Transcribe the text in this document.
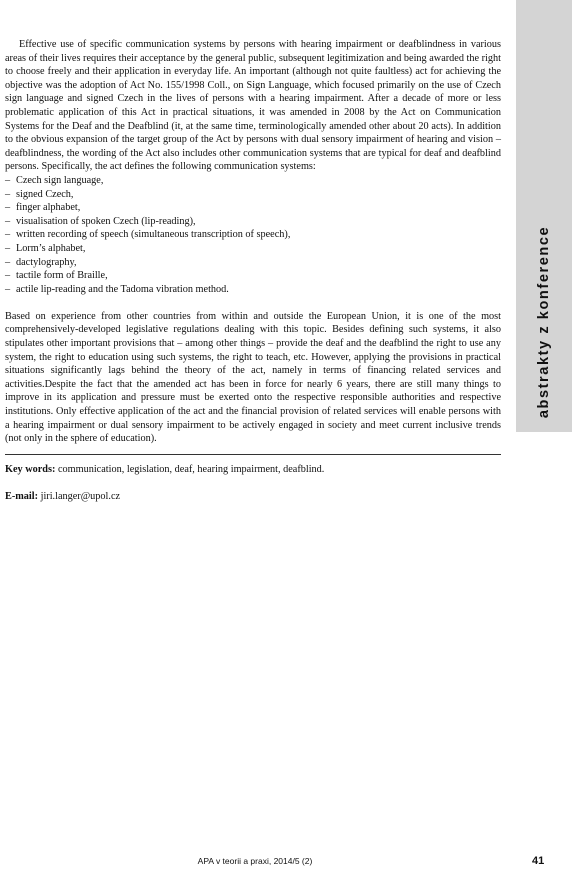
abstrakty z konference

Effective use of specific communication systems by persons with hearing impairment or deafblindness in various areas of their lives requires their acceptance by the general public, subsequent legitimization and being awarded the right to choose freely and their application in everyday life. An important (although not quite faultless) act for achieving the objective was the adoption of Act No. 155/1998 Coll., on Sign Language, which focused primarily on the use of Czech sign language and signed Czech in the lives of persons with a hearing impairment. After a decade of more or less problematic application of this Act in practical situations, it was amended in 2008 by the Act on Communication Systems for the Deaf and the Deafblind (it, at the same time, terminologically amended other about 20 acts). In addition to the obvious expansion of the target group of the Act by persons with dual sensory impairment of hearing and vision – deafblindness, the wording of the Act also includes other communication systems that are typical for deaf and deafblind persons. Specifically, the act defines the following communication systems:

– Czech sign language,
– signed Czech,
– finger alphabet,
– visualisation of spoken Czech (lip-reading),
– written recording of speech (simultaneous transcription of speech),
– Lorm’s alphabet,
– dactylography,
– tactile form of Braille,
– actile lip-reading and the Tadoma vibration method.

Based on experience from other countries from within and outside the European Union, it is one of the most comprehensively-developed legislative regulations dealing with this topic. Besides defining such systems, it also stipulates other important provisions that – among other things – provide the deaf and the deafblind the right to use any system, the right to education using such systems, the right to teach, etc. However, applying the provisions in practical situations significantly lags behind the theory of the act, namely in terms of financing related services and activities.Despite the fact that the amended act has been in force for nearly 6 years, there are still many things to improve in its application and pressure must be exerted onto the respective responsible authorities and respective institutions. Only effective application of the act and the financial provision of related services will enable persons with a hearing impairment or dual sensory impairment to be actively engaged in society and meet current inclusive trends (not only in the sphere of education).

Key words: communication, legislation, deaf, hearing impairment, deafblind.

E-mail: jiri.langer@upol.cz

APA v teorii a praxi, 2014/5 (2)	41
